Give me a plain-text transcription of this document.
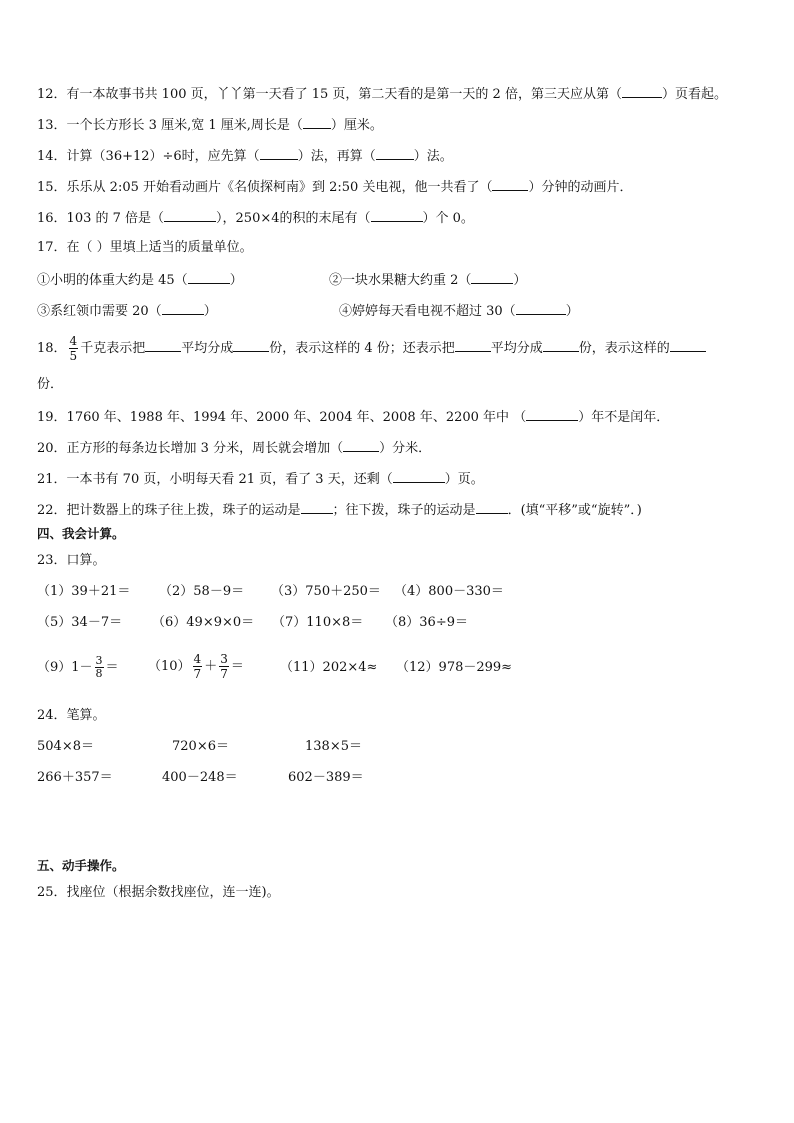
12．有一本故事书共 100 页，丫丫第一天看了 15 页，第二天看的是第一天的 2 倍，第三天应从第（	）页看起。
13．一个长方形长 3 厘米,宽 1 厘米,周长是（ ）厘米。
14．计算（36+12）÷6时，应先算（	）法，再算（	）法。
15．乐乐从 2:05 开始看动画片《名侦探柯南》到 2:50 关电视，他一共看了（	）分钟的动画片．
16．103 的 7 倍是（	），250×4的积的末尾有（	）个 0。
17．在（ ）里填上适当的质量单位。
①小明的体重大约是 45（	）	②一块水果糖大约重 2（	）
③系红领巾需要 20（	）	④婷婷每天看电视不超过 30（	）
18． $\frac{4}{5}$ 千克表示把	平均分成	份，表示这样的 4 份；还表示把	平均分成	份，表示这样的
份．
19．1760 年、1988 年、1994 年、2000 年、2004 年、2008 年、2200 年中 （	）年不是闰年．
20．正方形的每条边长增加 3 分米，周长就会增加（	）分米．
21．一本书有 70 页，小明每天看 21 页，看了 3 天，还剩（	）页。
22．把计数器上的珠子往上拨，珠子的运动是 ；往下拨，珠子的运动是 ．(填“平移”或“旋转”．)
四、我会计算。
23．口算。
（1）39＋21＝ （2）58－9＝ （3）750＋250＝ （4）800－330＝
（5）34－7＝ （6）49×9×0＝ （7）110×8＝ （8）36÷9＝
$(9)1- \frac{3}{8} = (10) \frac{4}{7} + \frac{3}{7}$ ＝	（11）202×4≈ （12）978－299≈
24．笔算。
504×8＝	720×6＝	138×5＝
266＋357＝	400－248＝	602－389＝
五、动手操作。
25．找座位（根据余数找座位，连一连)。
